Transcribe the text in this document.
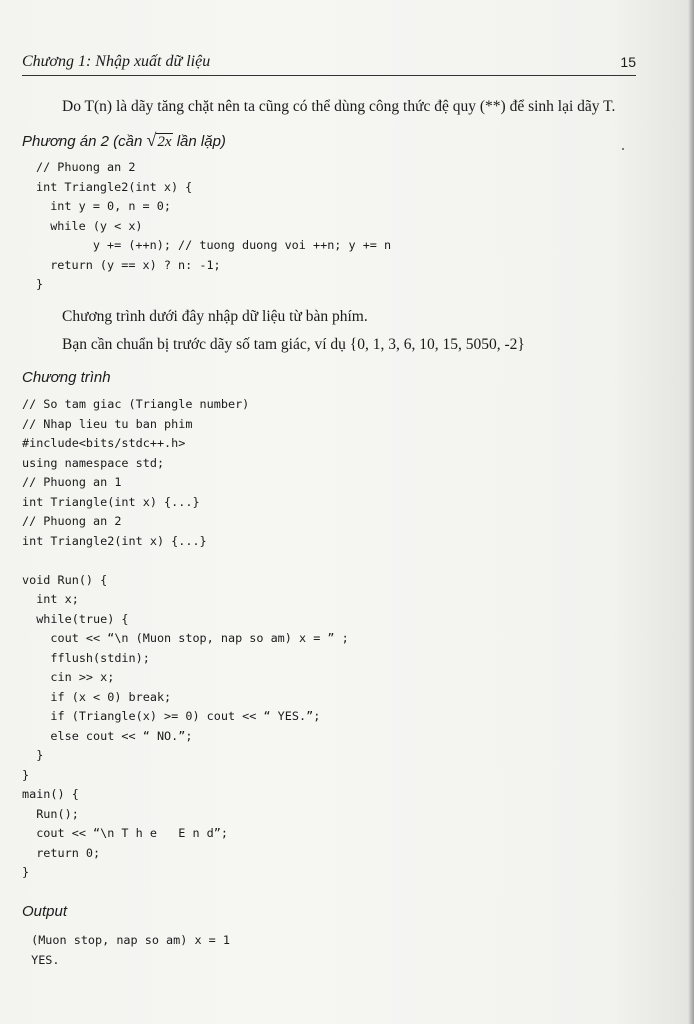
Chương 1: Nhập xuất dữ liệu	15
Do T(n) là dãy tăng chặt nên ta cũng có thể dùng công thức đệ quy (**) để sinh lại dãy T.
Phương án 2 (cần √2x lần lặp)
// Phuong an 2
int Triangle2(int x) {
int y = 0, n = 0;
while (y < x)
y += (++n); // tuong duong voi ++n; y += n
return (y == x) ? n: -1;
}
Chương trình dưới đây nhập dữ liệu từ bàn phím.
Bạn cần chuẩn bị trước dãy số tam giác, ví dụ {0, 1, 3, 6, 10, 15, 5050, -2}
Chương trình
// So tam giac (Triangle number)
// Nhap lieu tu ban phim
#include<bits/stdc++.h>
using namespace std;
// Phuong an 1
int Triangle(int x) {...}
// Phuong an 2
int Triangle2(int x) {...}

void Run() {
int x;
while(true) {
cout << “\n (Muon stop, nap so am) x = ” ;
fflush(stdin);
cin >> x;
if (x < 0) break;
if (Triangle(x) >= 0) cout << “ YES.”;
else cout << “ NO.”;
}
}
main() {
Run();
cout << “\n T h e   E n d”;
return 0;
}
Output
(Muon stop, nap so am) x = 1
YES.
